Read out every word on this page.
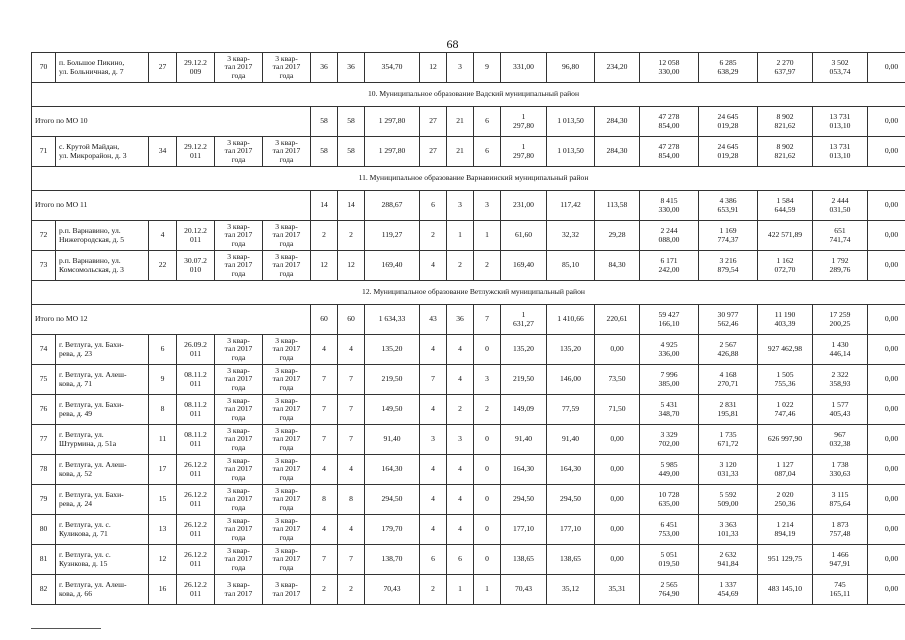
68
70	п. Большое Пикино,
ул. Больничная, д. 7	27	29.12.2
009	3 квар-
тал 2017
года	3 квар-
тал 2017
года	36	36	354,70	12	3	9	331,00	96,80	234,20	12 058
330,00	6 285
638,29	2 270
637,97	3 502
053,74	0,00
10. Муниципальное образование Вадский муниципальный район																			
Итого по МО 10						58	58	1 297,80	27	21	6	1
297,80	1 013,50	284,30	47 278
854,00	24 645
019,28	8 902
821,62	13 731
013,10	0,00
71	с. Крутой Майдан,
ул. Микрорайон, д. 3	34	29.12.2
011	3 квар-
тал 2017
года	3 квар-
тал 2017
года	58	58	1 297,80	27	21	6	1
297,80	1 013,50	284,30	47 278
854,00	24 645
019,28	8 902
821,62	13 731
013,10	0,00
11. Муниципальное образование Варнавинский муниципальный район																			
Итого по МО 11						14	14	288,67	6	3	3	231,00	117,42	113,58	8 415
330,00	4 386
653,91	1 584
644,59	2 444
031,50	0,00
72	р.п. Варнавино, ул.
Нижегородская, д. 5	4	20.12.2
011	3 квар-
тал 2017
года	3 квар-
тал 2017
года	2	2	119,27	2	1	1	61,60	32,32	29,28	2 244
088,00	1 169
774,37	422 571,89	651
741,74	0,00
73	р.п. Варнавино, ул.
Комсомольская, д. 3	22	30.07.2
010	3 квар-
тал 2017
года	3 квар-
тал 2017
года	12	12	169,40	4	2	2	169,40	85,10	84,30	6 171
242,00	3 216
879,54	1 162
072,70	1 792
289,76	0,00
12. Муниципальное образование Ветлужский муниципальный район																			
Итого по МО 12						60	60	1 634,33	43	36	7	1
631,27	1 410,66	220,61	59 427
166,10	30 977
562,46	11 190
403,39	17 259
200,25	0,00
74	г. Ветлуга, ул. Бахи-
рева, д. 23	6	26.09.2
011	3 квар-
тал 2017
года	3 квар-
тал 2017
года	4	4	135,20	4	4	0	135,20	135,20	0,00	4 925
336,00	2 567
426,88	927 462,98	1 430
446,14	0,00
75	г. Ветлуга, ул. Алеш-
кова, д. 71	9	08.11.2
011	3 квар-
тал 2017
года	3 квар-
тал 2017
года	7	7	219,50	7	4	3	219,50	146,00	73,50	7 996
385,00	4 168
270,71	1 505
755,36	2 322
358,93	0,00
76	г. Ветлуга, ул. Бахи-
рева, д. 49	8	08.11.2
011	3 квар-
тал 2017
года	3 квар-
тал 2017
года	7	7	149,50	4	2	2	149,09	77,59	71,50	5 431
348,70	2 831
195,81	1 022
747,46	1 577
405,43	0,00
77	г. Ветлуга, ул.
Штурмина, д. 51а	11	08.11.2
011	3 квар-
тал 2017
года	3 квар-
тал 2017
года	7	7	91,40	3	3	0	91,40	91,40	0,00	3 329
702,00	1 735
671,72	626 997,90	967
032,38	0,00
78	г. Ветлуга, ул. Алеш-
кова, д. 52	17	26.12.2
011	3 квар-
тал 2017
года	3 квар-
тал 2017
года	4	4	164,30	4	4	0	164,30	164,30	0,00	5 985
449,00	3 120
031,33	1 127
087,04	1 738
330,63	0,00
79	г. Ветлуга, ул. Бахи-
рева, д. 24	15	26.12.2
011	3 квар-
тал 2017
года	3 квар-
тал 2017
года	8	8	294,50	4	4	0	294,50	294,50	0,00	10 728
635,00	5 592
509,00	2 020
250,36	3 115
875,64	0,00
80	г. Ветлуга, ул. с.
Куликова, д. 71	13	26.12.2
011	3 квар-
тал 2017
года	3 квар-
тал 2017
года	4	4	179,70	4	4	0	177,10	177,10	0,00	6 451
753,00	3 363
101,33	1 214
894,19	1 873
757,48	0,00
81	г. Ветлуга, ул. с.
Кузнкова, д. 15	12	26.12.2
011	3 квар-
тал 2017
года	3 квар-
тал 2017
года	7	7	138,70	6	6	0	138,65	138,65	0,00	5 051
019,50	2 632
941,84	951 129,75	1 466
947,91	0,00
82	г. Ветлуга, ул. Алеш-
кова, д. 66	16	26.12.2
011	3 квар-
тал 2017	3 квар-
тал 2017	2	2	70,43	2	1	1	70,43	35,12	35,31	2 565
764,90	1 337
454,69	483 145,10	745
165,11	0,00
